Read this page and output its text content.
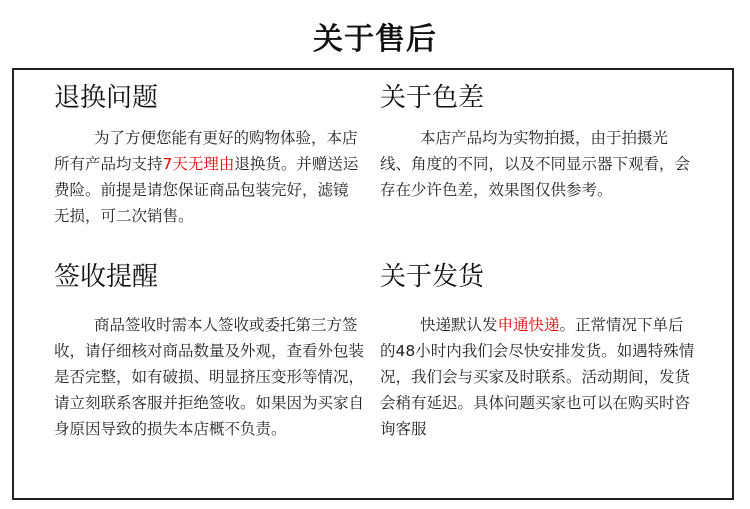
关于售后
退换问题

为了方便您能有更好的购物体验，本店所有产品均支持7天无理由退换货。并赠送运费险。前提是请您保证商品包装完好，滤镜无损，可二次销售。

关于色差

本店产品均为实物拍摄，由于拍摄光线、角度的不同，以及不同显示器下观看，会存在少许色差，效果图仅供参考。

签收提醒

商品签收时需本人签收或委托第三方签收，请仔细核对商品数量及外观，查看外包装是否完整，如有破损、明显挤压变形等情况，请立刻联系客服并拒绝签收。如果因为买家自身原因导致的损失本店概不负责。

关于发货

快递默认发申通快递。正常情况下单后的48小时内我们会尽快安排发货。如遇特殊情况，我们会与买家及时联系。活动期间，发货会稍有延迟。具体问题买家也可以在购买时咨询客服
